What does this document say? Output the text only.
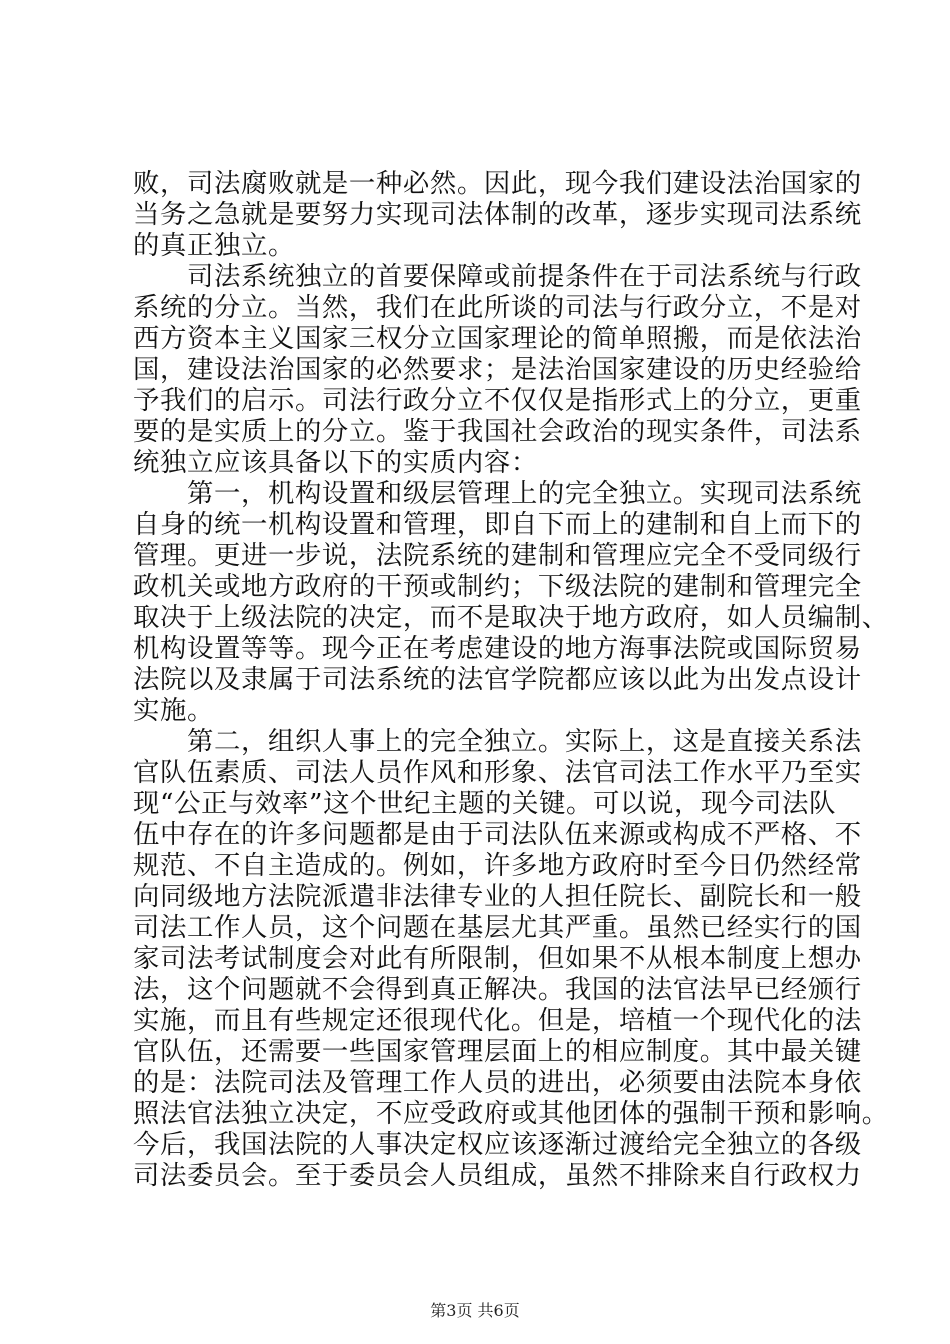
败，司法腐败就是一种必然。因此，现今我们建设法治国家的
当务之急就是要努力实现司法体制的改革，逐步实现司法系统
的真正独立。
　　司法系统独立的首要保障或前提条件在于司法系统与行政
系统的分立。当然，我们在此所谈的司法与行政分立，不是对
西方资本主义国家三权分立国家理论的简单照搬，而是依法治
国，建设法治国家的必然要求；是法治国家建设的历史经验给
予我们的启示。司法行政分立不仅仅是指形式上的分立，更重
要的是实质上的分立。鉴于我国社会政治的现实条件，司法系
统独立应该具备以下的实质内容：
　　第一，机构设置和级层管理上的完全独立。实现司法系统
自身的统一机构设置和管理，即自下而上的建制和自上而下的
管理。更进一步说，法院系统的建制和管理应完全不受同级行
政机关或地方政府的干预或制约；下级法院的建制和管理完全
取决于上级法院的决定，而不是取决于地方政府，如人员编制、
机构设置等等。现今正在考虑建设的地方海事法院或国际贸易
法院以及隶属于司法系统的法官学院都应该以此为出发点设计
实施。
　　第二，组织人事上的完全独立。实际上，这是直接关系法
官队伍素质、司法人员作风和形象、法官司法工作水平乃至实
现“公正与效率”这个世纪主题的关键。可以说，现今司法队
伍中存在的许多问题都是由于司法队伍来源或构成不严格、不
规范、不自主造成的。例如，许多地方政府时至今日仍然经常
向同级地方法院派遣非法律专业的人担任院长、副院长和一般
司法工作人员，这个问题在基层尤其严重。虽然已经实行的国
家司法考试制度会对此有所限制，但如果不从根本制度上想办
法，这个问题就不会得到真正解决。我国的法官法早已经颁行
实施，而且有些规定还很现代化。但是，培植一个现代化的法
官队伍，还需要一些国家管理层面上的相应制度。其中最关键
的是：法院司法及管理工作人员的进出，必须要由法院本身依
照法官法独立决定，不应受政府或其他团体的强制干预和影响。
今后，我国法院的人事决定权应该逐渐过渡给完全独立的各级
司法委员会。至于委员会人员组成，虽然不排除来自行政权力
第3页 共6页
